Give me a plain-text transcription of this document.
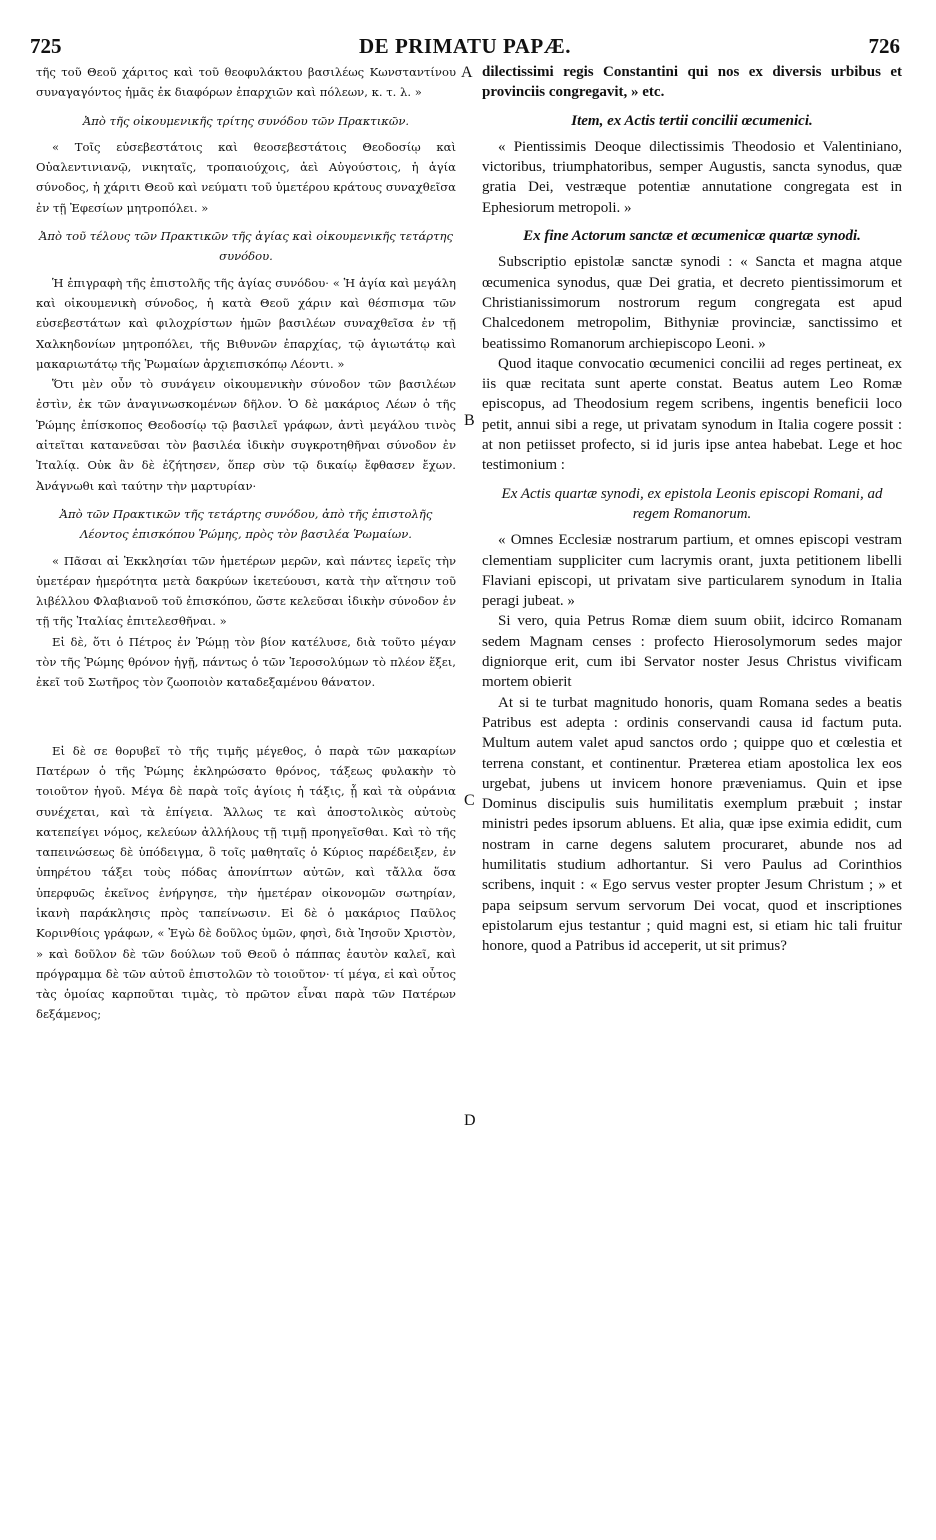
725	DE PRIMATU PAPÆ.	726
A
B
C
D

τῆς τοῦ Θεοῦ χάριτος καὶ τοῦ θεοφυλάκτου βασιλέως Κωνσταντίνου συναγαγόντος ἡμᾶς ἐκ διαφόρων ἐπαρχιῶν καὶ πόλεων, κ. τ. λ. »

Ἀπὸ τῆς οἰκουμενικῆς τρίτης συνόδου τῶν Πρακτικῶν.

« Τοῖς εὐσεβεστάτοις καὶ θεοσεβεστάτοις Θεοδοσίῳ καὶ Οὐαλεντινιανῷ, νικηταῖς, τροπαιούχοις, ἀεὶ Αὐγούστοις, ἡ ἁγία σύνοδος, ἡ χάριτι Θεοῦ καὶ νεύματι τοῦ ὑμετέρου κράτους συναχθεῖσα ἐν τῇ Ἐφεσίων μητροπόλει. »

Ἀπὸ τοῦ τέλους τῶν Πρακτικῶν τῆς ἁγίας καὶ οἰκουμενικῆς τετάρτης συνόδου.

Ἡ ἐπιγραφὴ τῆς ἐπιστολῆς τῆς ἁγίας συνόδου· « Ἡ ἁγία καὶ μεγάλη καὶ οἰκουμενικὴ σύνοδος, ἡ κατὰ Θεοῦ χάριν καὶ θέσπισμα τῶν εὐσεβεστάτων καὶ φιλοχρίστων ἡμῶν βασιλέων συναχθεῖσα ἐν τῇ Χαλκηδονίων μητροπόλει, τῆς Βιθυνῶν ἐπαρχίας, τῷ ἁγιωτάτῳ καὶ μακαριωτάτῳ τῆς Ῥωμαίων ἀρχιεπισκόπῳ Λέοντι. »

Ὅτι μὲν οὖν τὸ συνάγειν οἰκουμενικὴν σύνοδον τῶν βασιλέων ἐστὶν, ἐκ τῶν ἀναγινωσκομένων δῆλον. Ὁ δὲ μακάριος Λέων ὁ τῆς Ῥώμης ἐπίσκοπος Θεοδοσίῳ τῷ βασιλεῖ γράφων, ἀντὶ μεγάλου τινὸς αἰτεῖται κατανεῦσαι τὸν βασιλέα ἰδικὴν συγκροτηθῆναι σύνοδον ἐν Ἰταλίᾳ. Οὐκ ἂν δὲ ἐζήτησεν, ὅπερ σὺν τῷ δικαίῳ ἔφθασεν ἔχων. Ἀνάγνωθι καὶ ταύτην τὴν μαρτυρίαν·

Ἀπὸ τῶν Πρακτικῶν τῆς τετάρτης συνόδου, ἀπὸ τῆς ἐπιστολῆς Λέοντος ἐπισκόπου Ῥώμης, πρὸς τὸν βασιλέα Ῥωμαίων.

« Πᾶσαι αἱ Ἐκκλησίαι τῶν ἡμετέρων μερῶν, καὶ πάντες ἱερεῖς τὴν ὑμετέραν ἡμερότητα μετὰ δακρύων ἱκετεύουσι, κατὰ τὴν αἴτησιν τοῦ λιβέλλου Φλαβιανοῦ τοῦ ἐπισκόπου, ὥστε κελεῦσαι ἰδικὴν σύνοδον ἐν τῇ τῆς Ἰταλίας ἐπιτελεσθῆναι. »

Εἰ δὲ, ὅτι ὁ Πέτρος ἐν Ῥώμῃ τὸν βίον κατέλυσε, διὰ τοῦτο μέγαν τὸν τῆς Ῥώμης θρόνον ἡγῇ, πάντως ὁ τῶν Ἱεροσολύμων τὸ πλέον ἕξει, ἐκεῖ τοῦ Σωτῆρος τὸν ζωοποιὸν καταδεξαμένου θάνατον.

Εἰ δὲ σε θορυβεῖ τὸ τῆς τιμῆς μέγεθος, ὁ παρὰ τῶν μακαρίων Πατέρων ὁ τῆς Ῥώμης ἐκληρώσατο θρόνος, τάξεως φυλακὴν τὸ τοιοῦτον ἡγοῦ. Μέγα δὲ παρὰ τοῖς ἁγίοις ἡ τάξις, ᾗ καὶ τὰ οὐράνια συνέχεται, καὶ τὰ ἐπίγεια. Ἄλλως τε καὶ ἀποστολικὸς αὐτοὺς κατεπείγει νόμος, κελεύων ἀλλήλους τῇ τιμῇ προηγεῖσθαι. Καὶ τὸ τῆς ταπεινώσεως δὲ ὑπόδειγμα, ὃ τοῖς μαθηταῖς ὁ Κύριος παρέδειξεν, ἐν ὑπηρέτου τάξει τοὺς πόδας ἀπονίπτων αὐτῶν, καὶ τἄλλα ὅσα ὑπερφυῶς ἐκεῖνος ἐνήργησε, τὴν ἡμετέραν οἰκονομῶν σωτηρίαν, ἱκανὴ παράκλησις πρὸς ταπείνωσιν. Εἰ δὲ ὁ μακάριος Παῦλος Κορινθίοις γράφων, « Ἐγὼ δὲ δοῦλος ὑμῶν, φησὶ, διὰ Ἰησοῦν Χριστὸν, » καὶ δοῦλον δὲ τῶν δούλων τοῦ Θεοῦ ὁ πάππας ἑαυτὸν καλεῖ, καὶ πρόγραμμα δὲ τῶν αὐτοῦ ἐπιστολῶν τὸ τοιοῦτον· τί μέγα, εἰ καὶ οὗτος τὰς ὁμοίας καρποῦται τιμὰς, τὸ πρῶτον εἶναι παρὰ τῶν Πατέρων δεξάμενος;

dilectissimi regis Constantini qui nos ex diversis urbibus et provinciis congregavit, » etc.

Item, ex Actis tertii concilii œcumenici.

« Pientissimis Deoque dilectissimis Theodosio et Valentiniano, victoribus, triumphatoribus, semper Augustis, sancta synodus, quæ gratia Dei, vestræque potentiæ annutatione congregata est in Ephesiorum metropoli. »

Ex fine Actorum sanctæ et œcumenicæ quartæ synodi.

Subscriptio epistolæ sanctæ synodi : « Sancta et magna atque œcumenica synodus, quæ Dei gratia, et decreto pientissimorum et Christianissimorum nostrorum regum congregata est apud Chalcedonem metropolim, Bithyniæ provinciæ, sanctissimo et beatissimo Romanorum archiepiscopo Leoni. »

Quod itaque convocatio œcumenici concilii ad reges pertineat, ex iis quæ recitata sunt aperte constat. Beatus autem Leo Romæ episcopus, ad Theodosium regem scribens, ingentis beneficii loco petit, annui sibi a rege, ut privatam synodum in Italia cogere possit : at non petiisset profecto, si id juris ipse antea habebat. Lege et hoc testimonium :

Ex Actis quartæ synodi, ex epistola Leonis episcopi Romani, ad regem Romanorum.

« Omnes Ecclesiæ nostrarum partium, et omnes episcopi vestram clementiam suppliciter cum lacrymis orant, juxta petitionem libelli Flaviani episcopi, ut privatam sive particularem synodum in Italia peragi jubeat. »

Si vero, quia Petrus Romæ diem suum obiit, idcirco Romanam sedem Magnam censes : profecto Hierosolymorum sedes major digniorque erit, cum ibi Servator noster Jesus Christus vivificam mortem obierit

At si te turbat magnitudo honoris, quam Romana sedes a beatis Patribus est adepta : ordinis conservandi causa id factum puta. Multum autem valet apud sanctos ordo ; quippe quo et cœlestia et terrena constant, et continentur. Præterea etiam apostolica lex eos urgebat, jubens ut invicem honore præveniamus. Quin et ipse Dominus discipulis suis humilitatis exemplum præbuit ; instar ministri pedes ipsorum abluens. Et alia, quæ ipse eximia edidit, cum nostram in carne degens salutem procuraret, abunde nos ad humilitatis studium adhortantur. Si vero Paulus ad Corinthios scribens, inquit : « Ego servus vester propter Jesum Christum ; » et papa seipsum servum servorum Dei vocat, quod et inscriptiones epistolarum ejus testantur ; quid magni est, si etiam hic tali fruitur honore, quod a Patribus id acceperit, ut sit primus?
